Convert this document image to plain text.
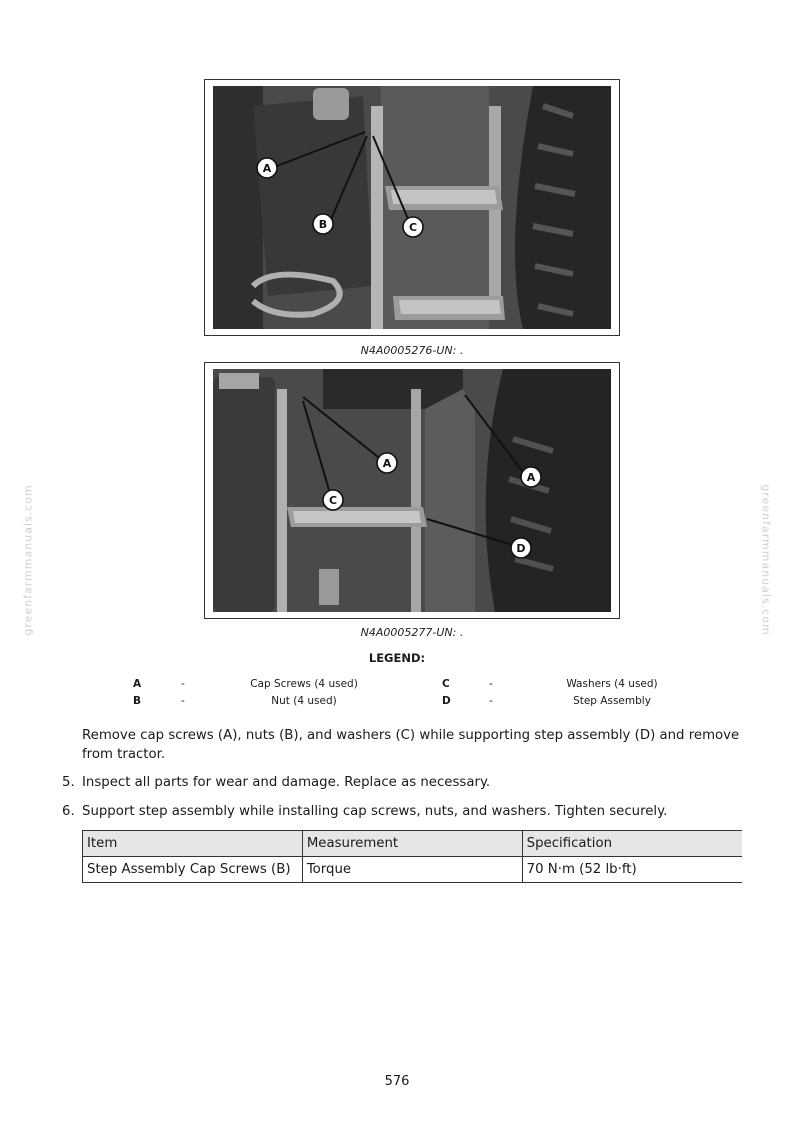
greenfarmmanuals.com	greenfarmmanuals.com
A
B	C
N4A0005276-UN: .
A
A
C
D
N4A0005277-UN: .
LEGEND:
A	-	Cap Screws (4 used)	C	-	Washers (4 used)
B	-	Nut (4 used)	D	-	Step Assembly
Remove cap screws (A), nuts (B), and washers (C) while supporting step assembly (D) and remove from tractor.
5. Inspect all parts for wear and damage. Replace as necessary.
6. Support step assembly while installing cap screws, nuts, and washers. Tighten securely.
Item	Measurement	Specification
Step Assembly Cap Screws (B)	Torque	70 N·m (52 lb·ft)
576
